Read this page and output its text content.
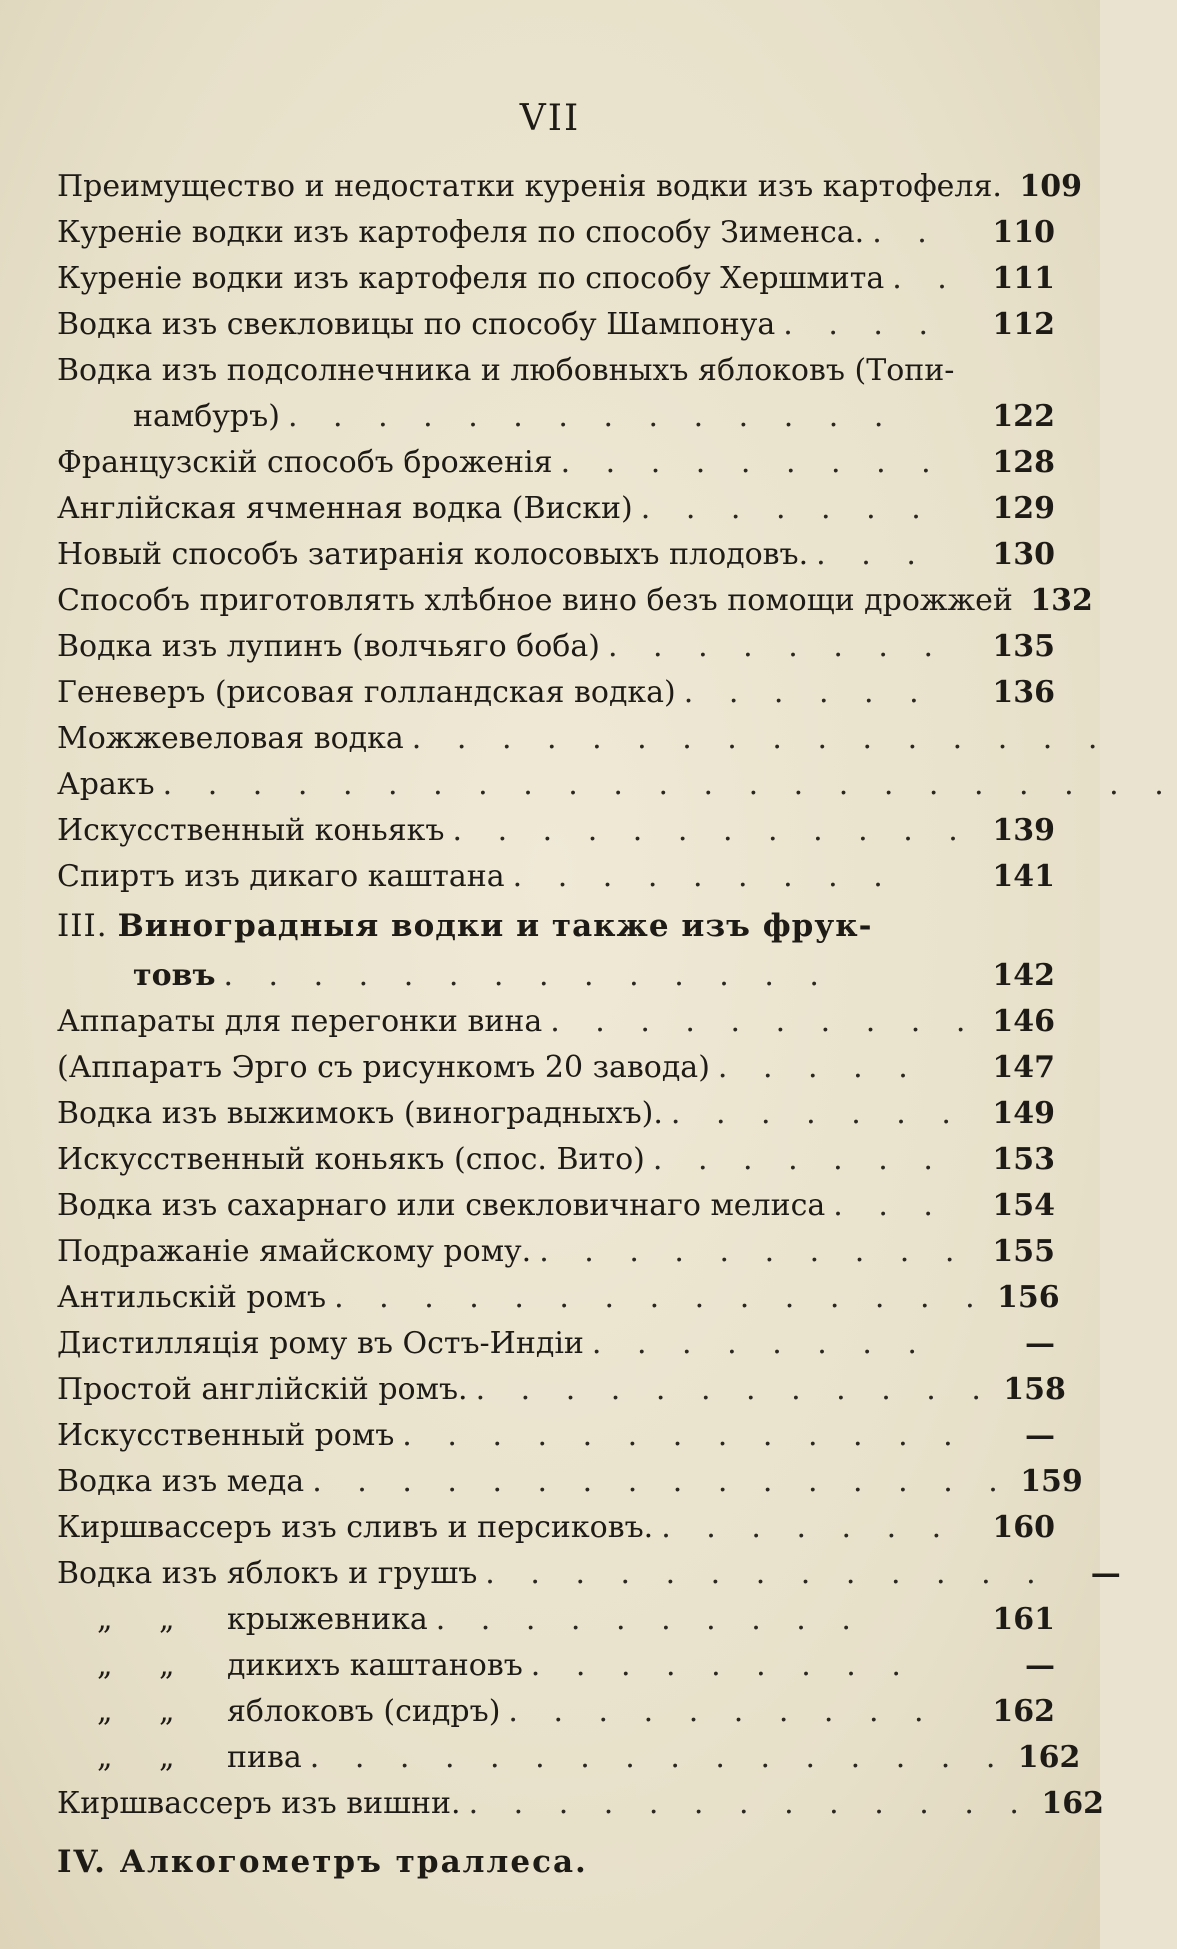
VII
Преимущество и недостатки куренія водки изъ картофеля. 109
Куреніе водки изъ картофеля по способу Зименса. . .	110
Куреніе водки изъ картофеля по способу Хершмита . .	111
Водка изъ свекловицы по способу Шампонуа . . . .	112
Водка изъ подсолнечника и любовныхъ яблоковъ (Топи-
намбуръ) . . . . . . . . . . . . . .	122
Французскій способъ броженія . . . . . . . . .	128
Англійская ячменная водка (Виски) . . . . . . .	129
Новый способъ затиранія колосовыхъ плодовъ. . . .	130
Способъ приготовлять хлѣбное вино безъ помощи дрожжей 132
Водка изъ лупинъ (волчьяго боба) . . . . . . . .	135
Геневеръ (рисовая голландская водка) . . . . . .	136
Можжевеловая водка . . . . . . . . . . . . . . . .
Аракъ . . . . . . . . . . . . . . . . . . . . . . .
Искусственный коньякъ . . . . . . . . . . . . 139
Спиртъ изъ дикаго каштана . . . . . . . . .	141
III. Виноградныя водки и также изъ фрук-
товъ . . . . . . . . . . . . . .	142
Аппараты для перегонки вина . . . . . . . . . . 146
(Аппаратъ Эрго съ рисункомъ 20 завода) . . . . .	147
Водка изъ выжимокъ (виноградныхъ). . . . . . . . 149
Искусственный коньякъ (спос. Вито) . . . . . . .	153
Водка изъ сахарнаго или свекловичнаго мелиса . . .	154
Подражаніе ямайскому рому. . . . . . . . . . . 155
Антильскій ромъ . . . . . . . . . . . . . . . 156
Дистилляція рому въ Остъ-Индіи . . . . . . . .	—
Простой англійскій ромъ. . . . . . . . . . . . . 158
Искусственный ромъ . . . . . . . . . . . . .	—
Водка изъ меда . . . . . . . . . . . . . . . . 159
Киршвассеръ изъ сливъ и персиковъ. . . . . . . .	160
Водка изъ яблокъ и грушъ . . . . . . . . . . . . .	—
„ „ крыжевника . . . . . . . . . .	161
„ „ дикихъ каштановъ . . . . . . . . .	—
„ „ яблоковъ (сидръ) . . . . . . . . . .	162
„ „ пива . . . . . . . . . . . . . . . . 162
Киршвассеръ изъ вишни. . . . . . . . . . . . . . 162
IV. Алкогометръ траллеса.
